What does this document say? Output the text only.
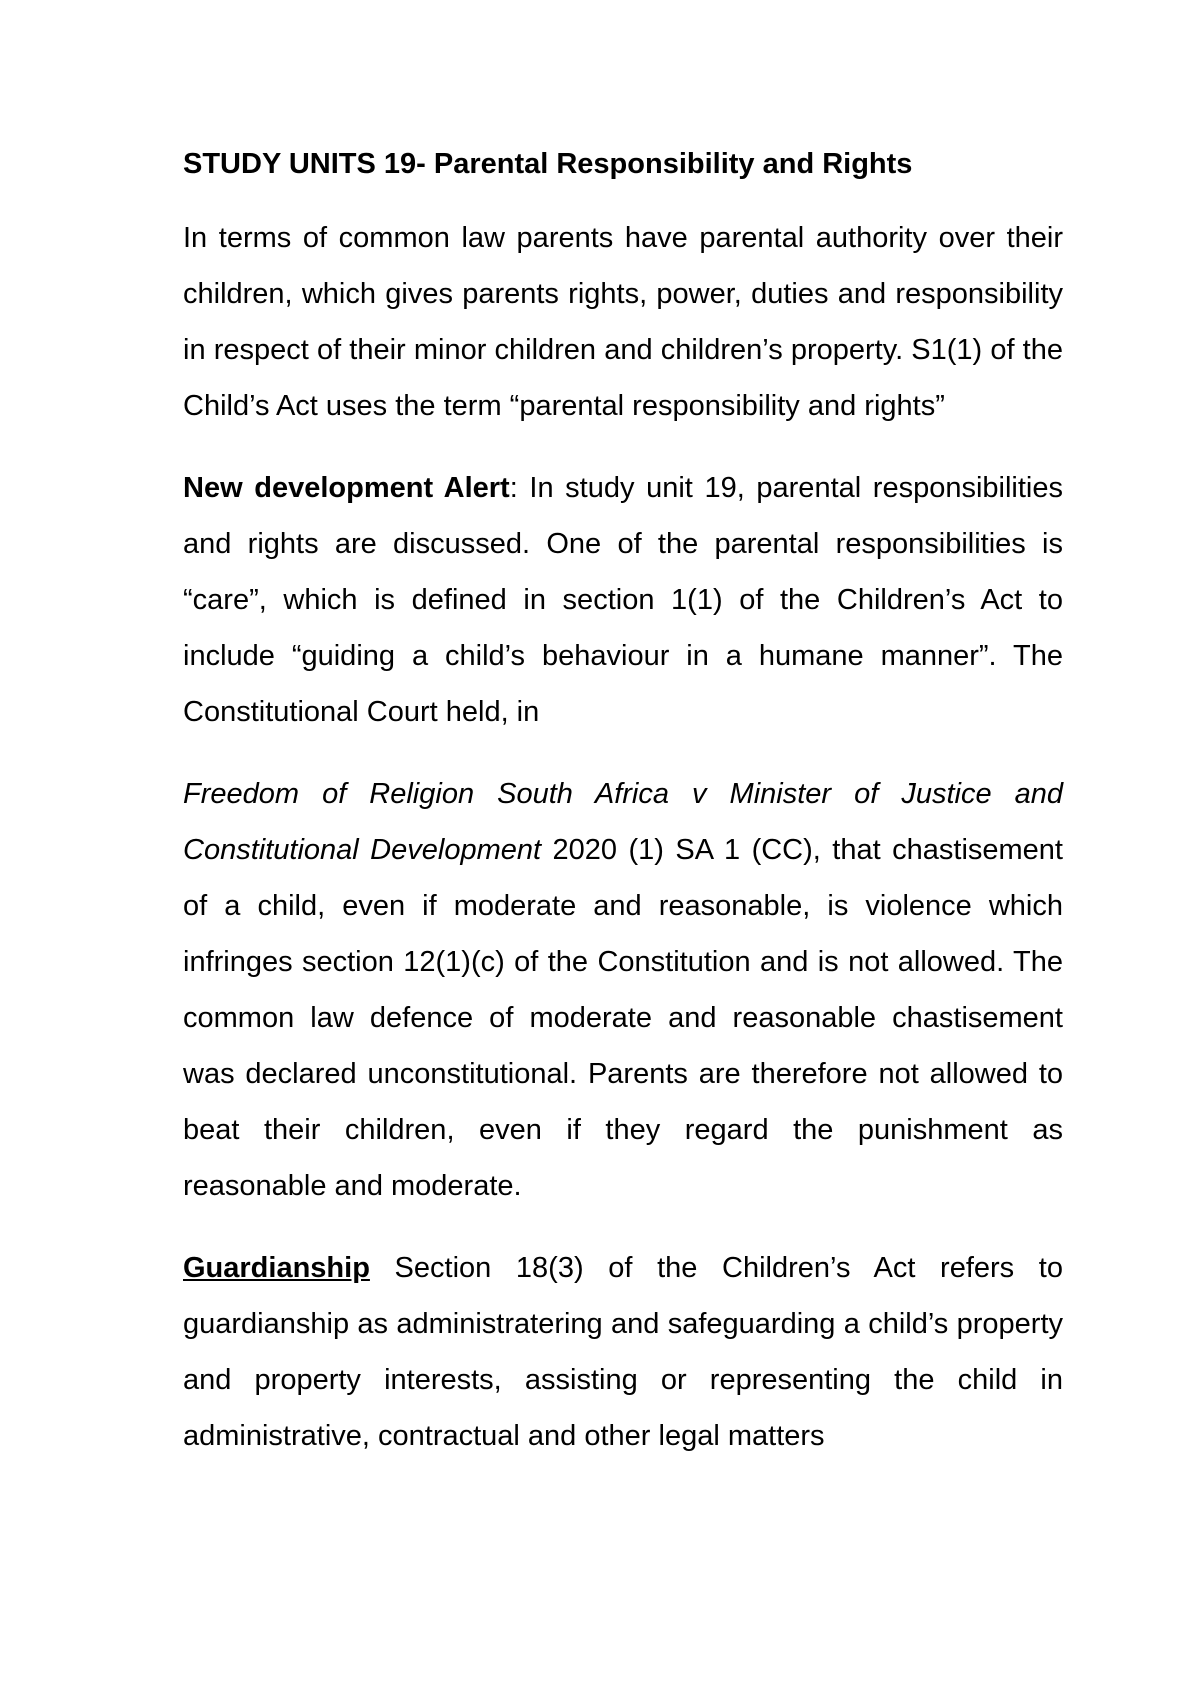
STUDY UNITS 19- Parental Responsibility and Rights

In terms of common law parents have parental authority over their children, which gives parents rights, power, duties and responsibility in respect of their minor children and children’s property. S1(1) of the Child’s Act uses the term “parental responsibility and rights”

New development Alert: In study unit 19, parental responsibilities and rights are discussed. One of the parental responsibilities is “care”, which is defined in section 1(1) of the Children’s Act to include “guiding a child’s behaviour in a humane manner”. The Constitutional Court held, in

Freedom of Religion South Africa v Minister of Justice and Constitutional Development 2020 (1) SA 1 (CC), that chastisement of a child, even if moderate and reasonable, is violence which infringes section 12(1)(c) of the Constitution and is not allowed. The common law defence of moderate and reasonable chastisement was declared unconstitutional. Parents are therefore not allowed to beat their children, even if they regard the punishment as reasonable and moderate.

Guardianship Section 18(3) of the Children’s Act refers to guardianship as administratering and safeguarding a child’s property and property interests, assisting or representing the child in administrative, contractual and other legal matters
